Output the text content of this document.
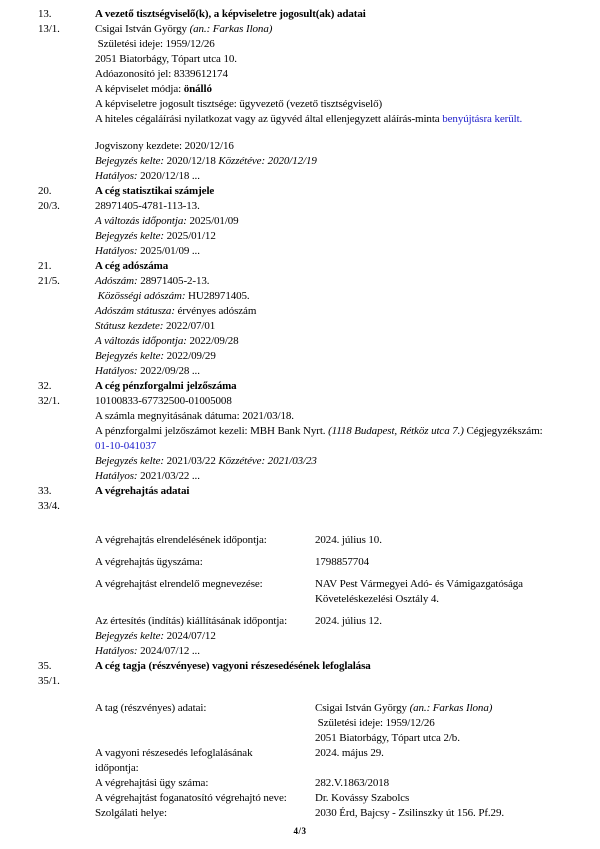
13.	A vezető tisztségviselő(k), a képviseletre jogosult(ak) adatai
13/1.	Csigai István György (an.: Farkas Ilona)
Születési ideje: 1959/12/26
2051 Biatorbágy, Tópart utca 10.
Adóazonosító jel: 8339612174
A képviselet módja: önálló
A képviseletre jogosult tisztsége: ügyvezető (vezető tisztségviselő)
A hiteles cégaláírási nyilatkozat vagy az ügyvéd által ellenjegyzett aláírás-minta benyújtásra került.
Jogviszony kezdete: 2020/12/16
Bejegyzés kelte: 2020/12/18 Közzétéve: 2020/12/19
Hatályos: 2020/12/18 ...
20.	A cég statisztikai számjele
20/3.	28971405-4781-113-13.
A változás időpontja: 2025/01/09
Bejegyzés kelte: 2025/01/12
Hatályos: 2025/01/09 ...
21.	A cég adószáma
21/5.	Adószám: 28971405-2-13.
Közösségi adószám: HU28971405.
Adószám státusza: érvényes adószám
Státusz kezdete: 2022/07/01
A változás időpontja: 2022/09/28
Bejegyzés kelte: 2022/09/29
Hatályos: 2022/09/28 ...
32.	A cég pénzforgalmi jelzőszáma
32/1.	10100833-67732500-01005008
A számla megnyitásának dátuma: 2021/03/18.
A pénzforgalmi jelzőszámot kezeli: MBH Bank Nyrt. (1118 Budapest, Rétköz utca 7.) Cégjegyzékszám:
01-10-041037
Bejegyzés kelte: 2021/03/22 Közzétéve: 2021/03/23
Hatályos: 2021/03/22 ...
33.	A végrehajtás adatai
33/4.
A végrehajtás elrendelésének időpontja:	2024. július 10.
A végrehajtás ügyszáma:	1798857704
A végrehajtást elrendelő megnevezése:	NAV Pest Vármegyei Adó- és Vámigazgatósága
Követeléskezelési Osztály 4.
Az értesítés (indítás) kiállításának időpontja:	2024. július 12.
Bejegyzés kelte: 2024/07/12
Hatályos: 2024/07/12 ...
35.	A cég tagja (részvényese) vagyoni részesedésének lefoglalása
35/1.
A tag (részvényes) adatai:	Csigai István György (an.: Farkas Ilona)
Születési ideje: 1959/12/26
2051 Biatorbágy, Tópart utca 2/b.
A vagyoni részesedés lefoglalásának
időpontja:
2024. május 29.
A végrehajtási ügy száma:	282.V.1863/2018
A végrehajtást foganatosító végrehajtó neve:	Dr. Kovássy Szabolcs
Szolgálati helye:	2030 Érd, Bajcsy - Zsilinszky út 156. Pf.29.
4/3
